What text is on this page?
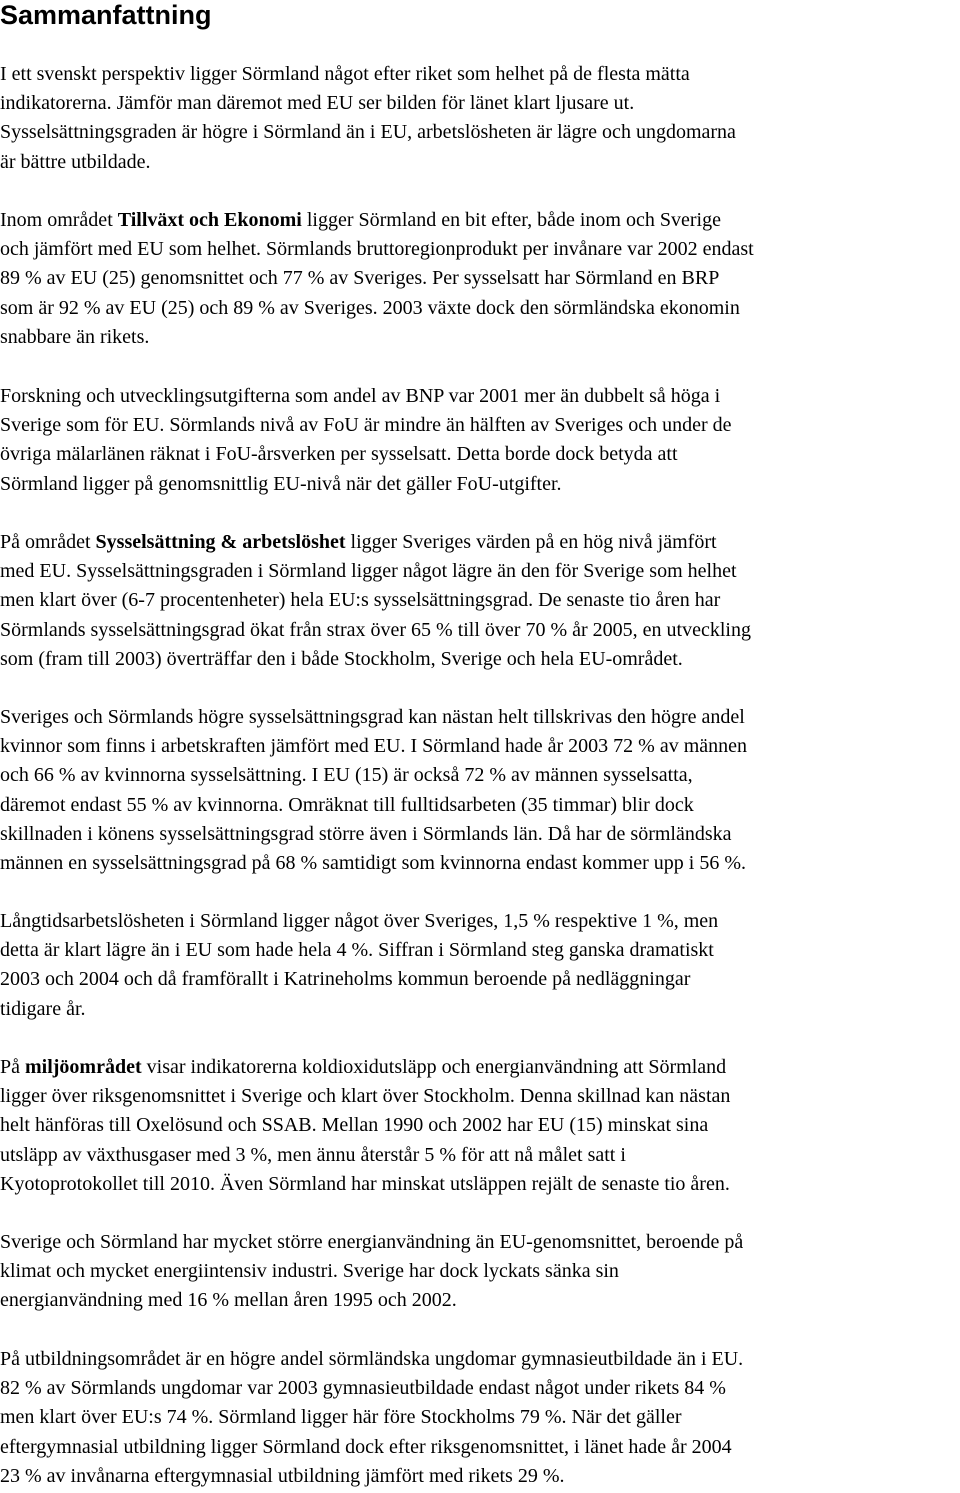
Sammanfattning

I ett svenskt perspektiv ligger Sörmland något efter riket som helhet på de flesta mätta
indikatorerna. Jämför man däremot med EU ser bilden för länet klart ljusare ut.
Sysselsättningsgraden är högre i Sörmland än i EU, arbetslösheten är lägre och ungdomarna
är bättre utbildade.

Inom området Tillväxt och Ekonomi ligger Sörmland en bit efter, både inom och Sverige
och jämfört med EU som helhet. Sörmlands bruttoregionprodukt per invånare var 2002 endast
89 % av EU (25) genomsnittet och 77 % av Sveriges. Per sysselsatt har Sörmland en BRP
som är 92 % av EU (25) och 89 % av Sveriges. 2003 växte dock den sörmländska ekonomin
snabbare än rikets.

Forskning och utvecklingsutgifterna som andel av BNP var 2001 mer än dubbelt så höga i
Sverige som för EU. Sörmlands nivå av FoU är mindre än hälften av Sveriges och under de
övriga mälarlänen räknat i FoU-årsverken per sysselsatt. Detta borde dock betyda att
Sörmland ligger på genomsnittlig EU-nivå när det gäller FoU-utgifter.

På området Sysselsättning & arbetslöshet ligger Sveriges värden på en hög nivå jämfört
med EU. Sysselsättningsgraden i Sörmland ligger något lägre än den för Sverige som helhet
men klart över (6-7 procentenheter) hela EU:s sysselsättningsgrad. De senaste tio åren har
Sörmlands sysselsättningsgrad ökat från strax över 65 % till över 70 % år 2005, en utveckling
som (fram till 2003) överträffar den i både Stockholm, Sverige och hela EU-området.

Sveriges och Sörmlands högre sysselsättningsgrad kan nästan helt tillskrivas den högre andel
kvinnor som finns i arbetskraften jämfört med EU. I Sörmland hade år 2003 72 % av männen
och 66 % av kvinnorna sysselsättning. I EU (15) är också 72 % av männen sysselsatta,
däremot endast 55 % av kvinnorna. Omräknat till fulltidsarbeten (35 timmar) blir dock
skillnaden i könens sysselsättningsgrad större även i Sörmlands län. Då har de sörmländska
männen en sysselsättningsgrad på 68 % samtidigt som kvinnorna endast kommer upp i 56 %.

Långtidsarbetslösheten i Sörmland ligger något över Sveriges, 1,5 % respektive 1 %, men
detta är klart lägre än i EU som hade hela 4 %. Siffran i Sörmland steg ganska dramatiskt
2003 och 2004 och då framförallt i Katrineholms kommun beroende på nedläggningar
tidigare år.

På miljöområdet visar indikatorerna koldioxidutsläpp och energianvändning att Sörmland
ligger över riksgenomsnittet i Sverige och klart över Stockholm. Denna skillnad kan nästan
helt hänföras till Oxelösund och SSAB. Mellan 1990 och 2002 har EU (15) minskat sina
utsläpp av växthusgaser med 3 %, men ännu återstår 5 % för att nå målet satt i
Kyotoprotokollet till 2010. Även Sörmland har minskat utsläppen rejält de senaste tio åren.

Sverige och Sörmland har mycket större energianvändning än EU-genomsnittet, beroende på
klimat och mycket energiintensiv industri. Sverige har dock lyckats sänka sin
energianvändning med 16 % mellan åren 1995 och 2002.

På utbildningsområdet är en högre andel sörmländska ungdomar gymnasieutbildade än i EU.
82 % av Sörmlands ungdomar var 2003 gymnasieutbildade endast något under rikets 84 %
men klart över EU:s 74 %. Sörmland ligger här före Stockholms 79 %. När det gäller
eftergymnasial utbildning ligger Sörmland dock efter riksgenomsnittet, i länet hade år 2004
23 % av invånarna eftergymnasial utbildning jämfört med rikets 29 %.
